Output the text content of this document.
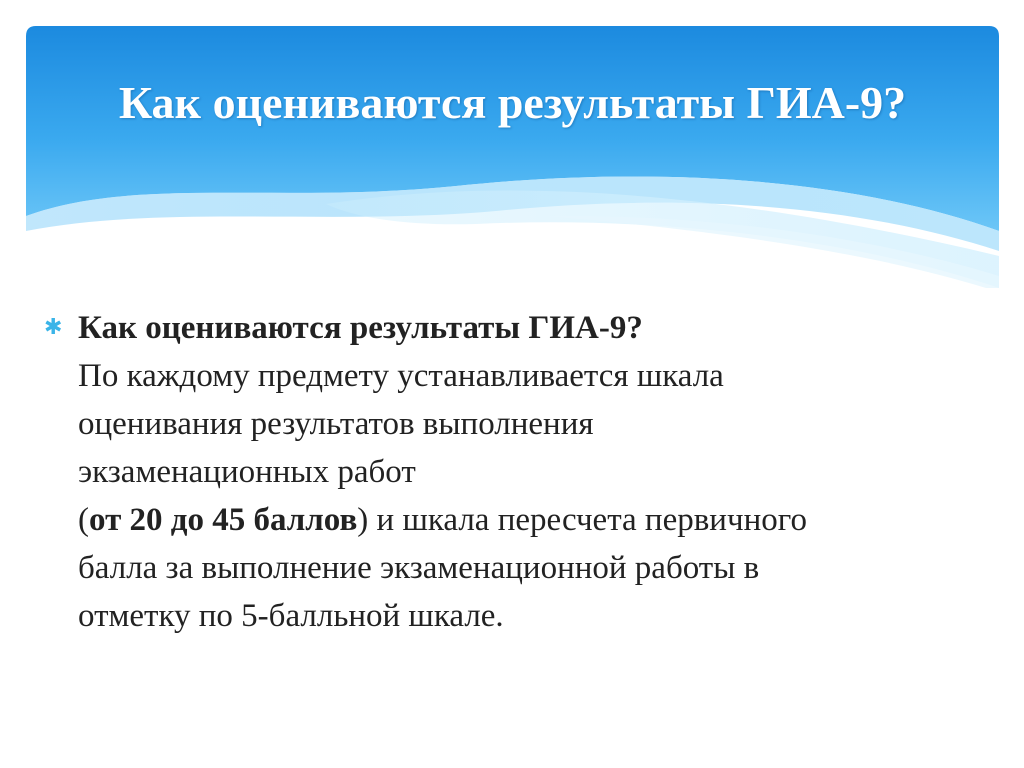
Как оцениваются результаты ГИА-9?
✱ Как оцениваются результаты ГИА-9?
По каждому предмету устанавливается шкала
оценивания результатов выполнения
экзаменационных работ
(от 20 до 45 баллов) и шкала пересчета первичного
балла за выполнение экзаменационной работы в
отметку по 5-балльной шкале.
